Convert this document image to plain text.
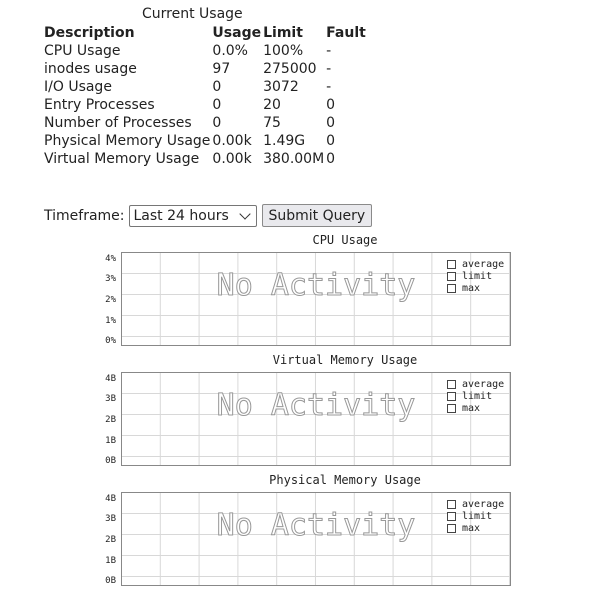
Current Usage
Description	Usage	Limit	Fault
CPU Usage	0.0%	100%	-
inodes usage	97	275000	-
I/O Usage	0	3072	-
Entry Processes	0	20	0
Number of Processes	0	75	0
Physical Memory Usage	0.00k	1.49G	0
Virtual Memory Usage	0.00k	380.00M	0
Timeframe: Last 24 hours	Submit Query
CPU Usage
4%
3%
2%
1%
0%
No Activity
average
limit
max
Virtual Memory Usage
4B
3B
2B
1B
0B
No Activity
average
limit
max
Physical Memory Usage
4B
3B
2B
1B
0B
No Activity
average
limit
max
